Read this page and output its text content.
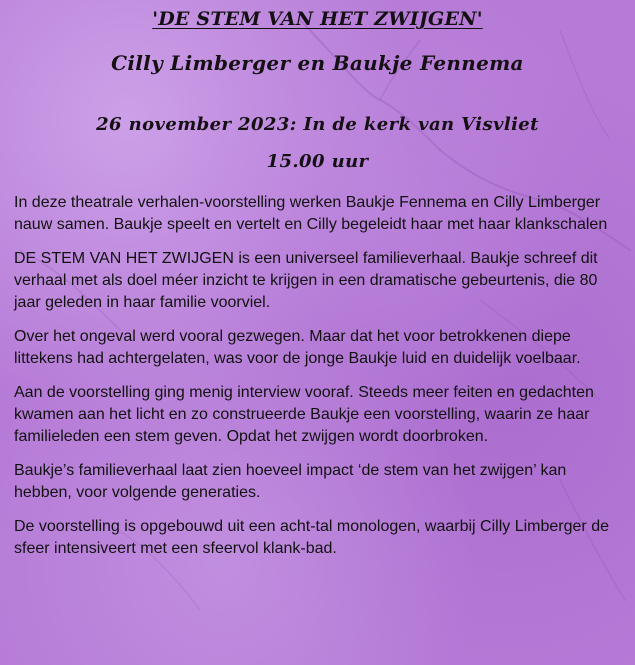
'DE STEM VAN HET ZWIJGEN'
Cilly Limberger en Baukje Fennema
26 november 2023: In de kerk van Visvliet
15.00 uur

In deze theatrale verhalen-voorstelling werken Baukje Fennema en Cilly Limberger nauw samen. Baukje speelt en vertelt en Cilly begeleidt haar met haar klankschalen

DE STEM VAN HET ZWIJGEN is een universeel familieverhaal. Baukje schreef dit verhaal met als doel méer inzicht te krijgen in een dramatische gebeurtenis, die 80 jaar geleden in haar familie voorviel.

Over het ongeval werd vooral gezwegen. Maar dat het voor betrokkenen diepe littekens had achtergelaten, was voor de jonge Baukje luid en duidelijk voelbaar.

Aan de voorstelling ging menig interview vooraf. Steeds meer feiten en gedachten kwamen aan het licht en zo construeerde Baukje een voorstelling, waarin ze haar familieleden een stem geven. Opdat het zwijgen wordt doorbroken.

Baukje’s familieverhaal laat zien hoeveel impact ‘de stem van het zwijgen’ kan hebben, voor volgende generaties.

De voorstelling is opgebouwd uit een acht-tal monologen, waarbij Cilly Limberger de sfeer intensiveert met een sfeervol klank-bad.
